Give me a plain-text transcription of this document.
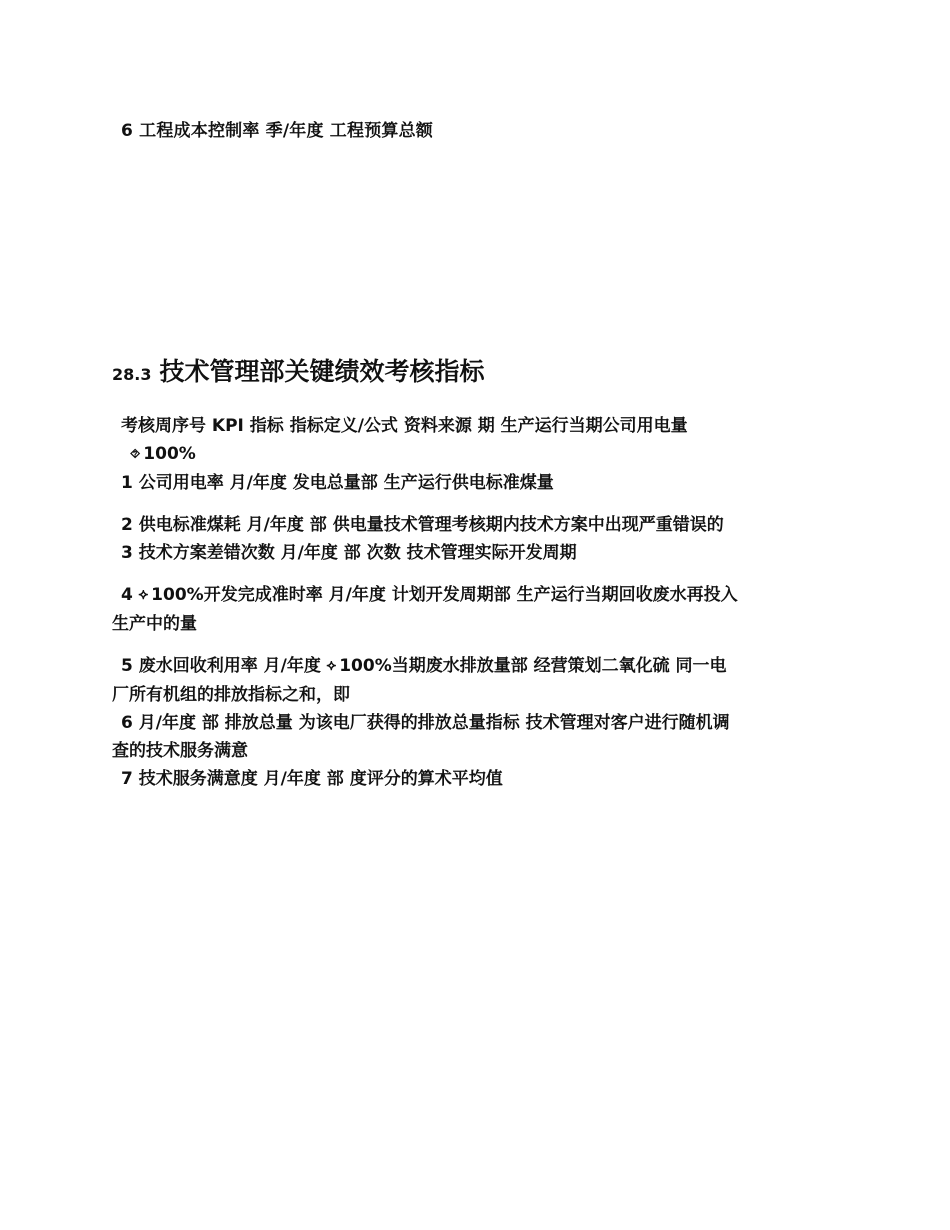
6 工程成本控制率 季/年度 工程预算总额
28.3 技术管理部关键绩效考核指标

考核周序号 KPI 指标 指标定义/公式 资料来源 期 生产运行当期公司用电量

⯑ 100%

1 公司用电率 月/年度 发电总量部 生产运行供电标准煤量

2 供电标准煤耗 月/年度 部 供电量技术管理考核期内技术方案中出现严重错误的

3 技术方案差错次数 月/年度 部 次数 技术管理实际开发周期

4 ⯎ 100%开发完成准时率 月/年度 计划开发周期部 生产运行当期回收废水再投入

生产中的量

5 废水回收利用率 月/年度 ⯎ 100%当期废水排放量部 经营策划二氧化硫 同一电

厂所有机组的排放指标之和，即

6 月/年度 部 排放总量 为该电厂获得的排放总量指标 技术管理对客户进行随机调

查的技术服务满意

7 技术服务满意度 月/年度 部 度评分的算术平均值
